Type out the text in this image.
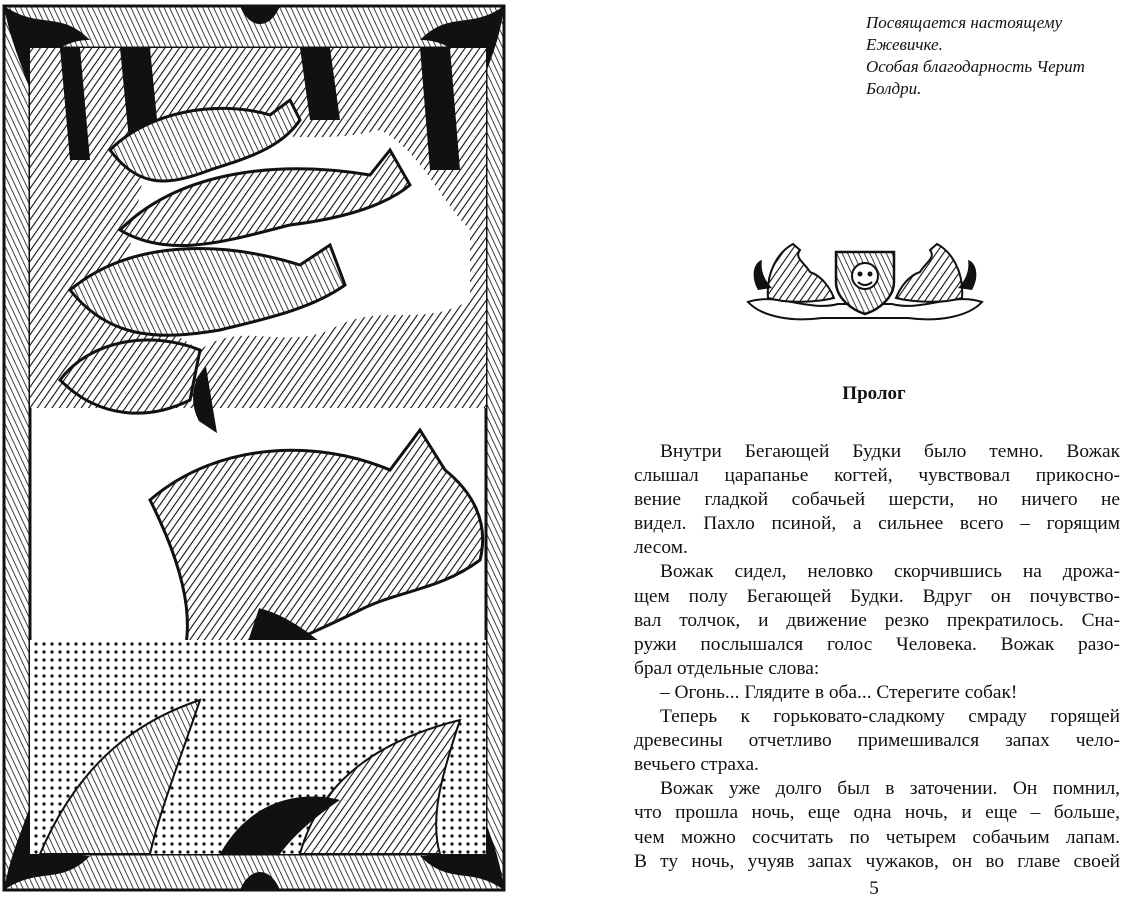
Посвящается настоящему
Ежевичке.
Особая благодарность Черит
Болдри.
Пролог
Внутри Бегающей Будки было темно. Вожак
слышал царапанье когтей, чувствовал прикосно-
вение гладкой собачьей шерсти, но ничего не
видел. Пахло псиной, а сильнее всего – горящим
лесом.
Вожак сидел, неловко скорчившись на дрожа-
щем полу Бегающей Будки. Вдруг он почувство-
вал толчок, и движение резко прекратилось. Сна-
ружи послышался голос Человека. Вожак разо-
брал отдельные слова:
– Огонь... Глядите в оба... Стерегите собак!
Теперь к горьковато-сладкому смраду горящей
древесины отчетливо примешивался запах чело-
вечьего страха.
Вожак уже долго был в заточении. Он помнил,
что прошла ночь, еще одна ночь, и еще – больше,
чем можно сосчитать по четырем собачьим лапам.
В ту ночь, учуяв запах чужаков, он во главе своей
5
